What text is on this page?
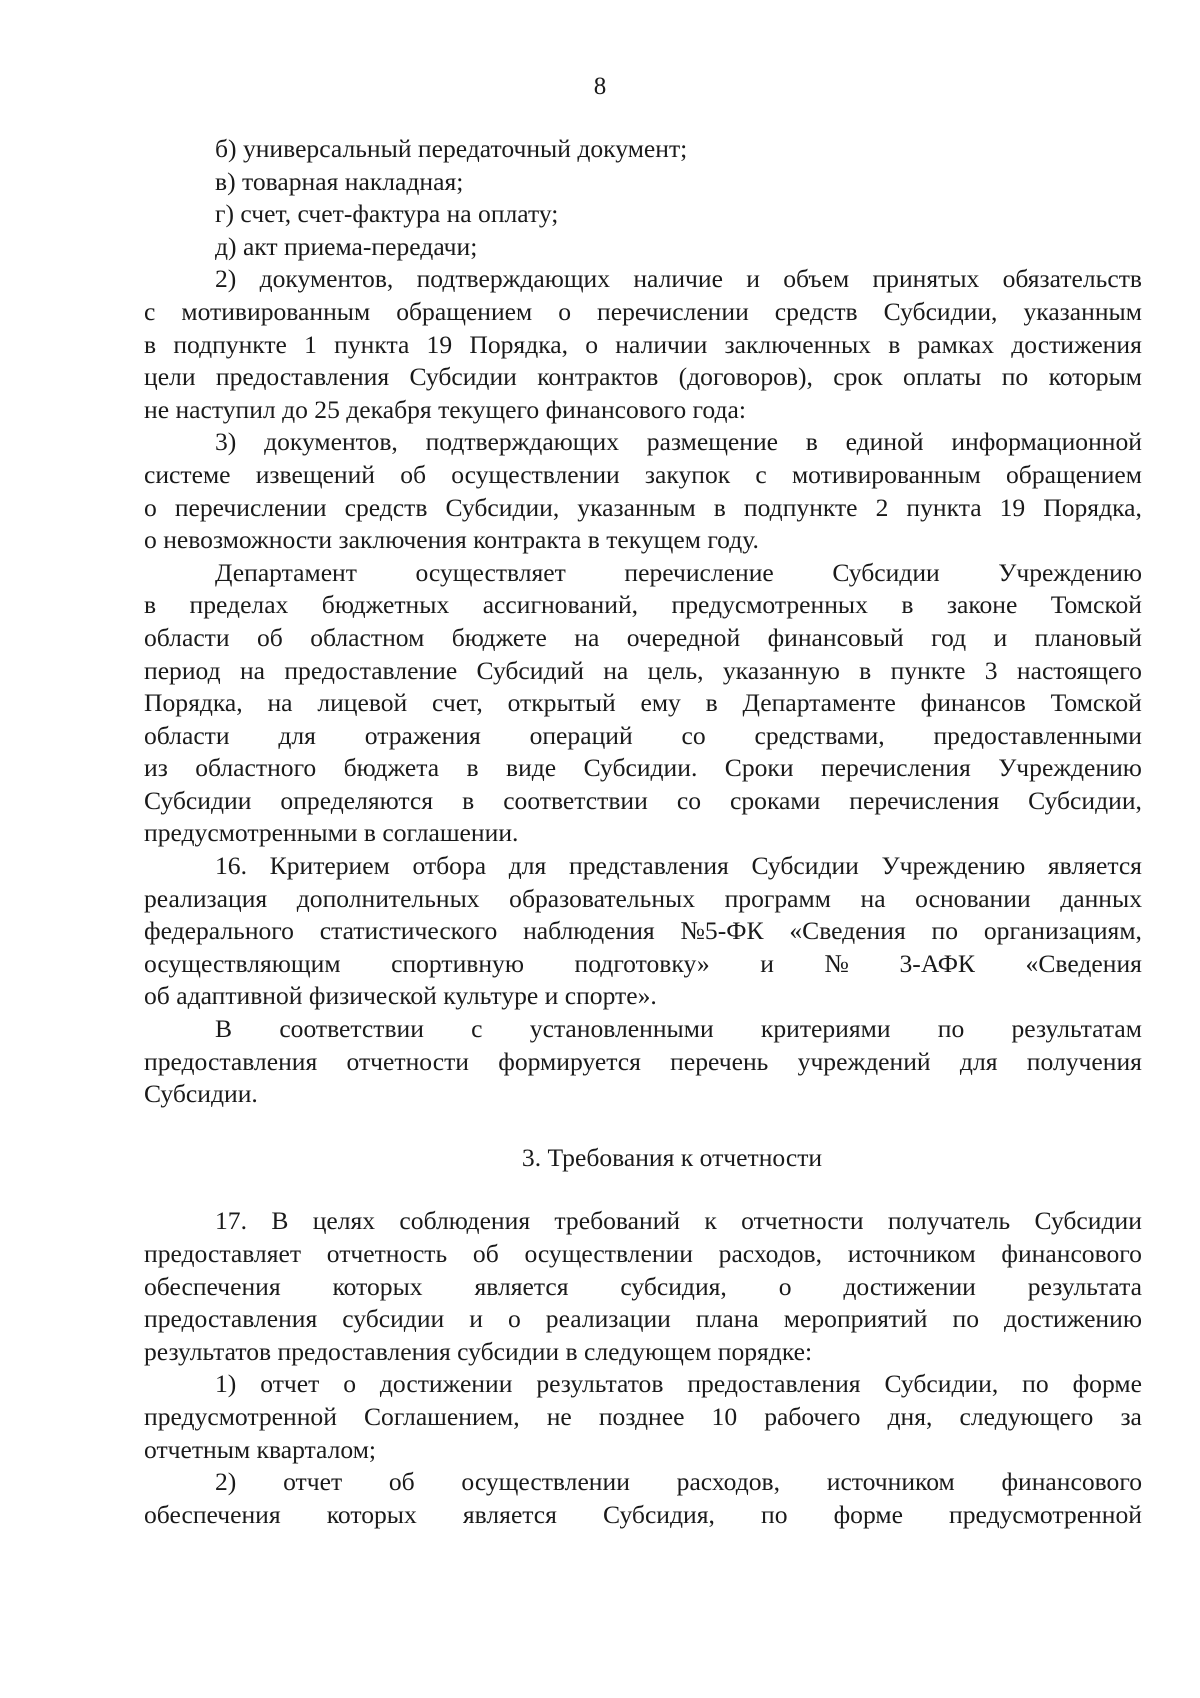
8
б) универсальный передаточный документ;
в) товарная накладная;
г) счет, счет-фактура на оплату;
д) акт приема-передачи;
2) документов, подтверждающих наличие и объем принятых обязательств
с мотивированным обращением о перечислении средств Субсидии, указанным
в подпункте 1 пункта 19 Порядка, о наличии заключенных в рамках достижения
цели предоставления Субсидии контрактов (договоров), срок оплаты по которым
не наступил до 25 декабря текущего финансового года:
3) документов, подтверждающих размещение в единой информационной
системе извещений об осуществлении закупок с мотивированным обращением
о перечислении средств Субсидии, указанным в подпункте 2 пункта 19 Порядка,
о невозможности заключения контракта в текущем году.
Департамент осуществляет перечисление Субсидии Учреждению
в пределах бюджетных ассигнований, предусмотренных в законе Томской
области об областном бюджете на очередной финансовый год и плановый
период на предоставление Субсидий на цель, указанную в пункте 3 настоящего
Порядка, на лицевой счет, открытый ему в Департаменте финансов Томской
области для отражения операций со средствами, предоставленными
из областного бюджета в виде Субсидии. Сроки перечисления Учреждению
Субсидии определяются в соответствии со сроками перечисления Субсидии,
предусмотренными в соглашении.
16. Критерием отбора для представления Субсидии Учреждению является
реализация дополнительных образовательных программ на основании данных
федерального статистического наблюдения №5-ФК «Сведения по организациям,
осуществляющим спортивную подготовку» и № 3-АФК «Сведения
об адаптивной физической культуре и спорте».
В соответствии с установленными критериями по результатам
предоставления отчетности формируется перечень учреждений для получения
Субсидии.
3. Требования к отчетности
17. В целях соблюдения требований к отчетности получатель Субсидии
предоставляет отчетность об осуществлении расходов, источником финансового
обеспечения которых является субсидия, о достижении результата
предоставления субсидии и о реализации плана мероприятий по достижению
результатов предоставления субсидии в следующем порядке:
1) отчет о достижении результатов предоставления Субсидии, по форме
предусмотренной Соглашением, не позднее 10 рабочего дня, следующего за
отчетным кварталом;
2) отчет об осуществлении расходов, источником финансового
обеспечения которых является Субсидия, по форме предусмотренной
